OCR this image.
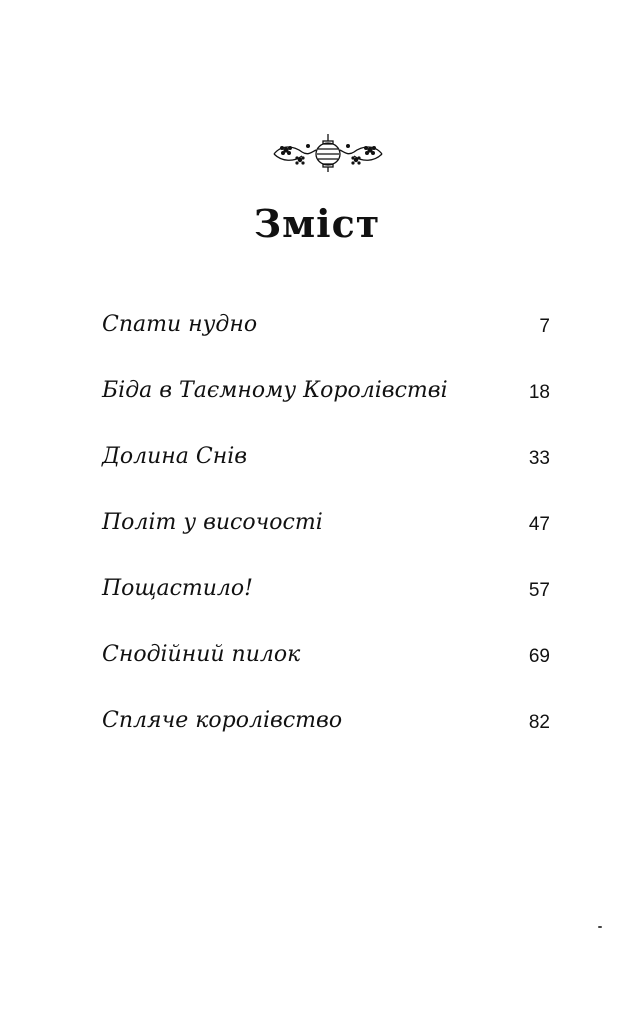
Зміст
Спати нудно	7
Біда в Таємному Королівстві	18
Долина Снів	33
Політ у височості	47
Пощастило!	57
Снодійний пилок	69
Спляче королівство	82
